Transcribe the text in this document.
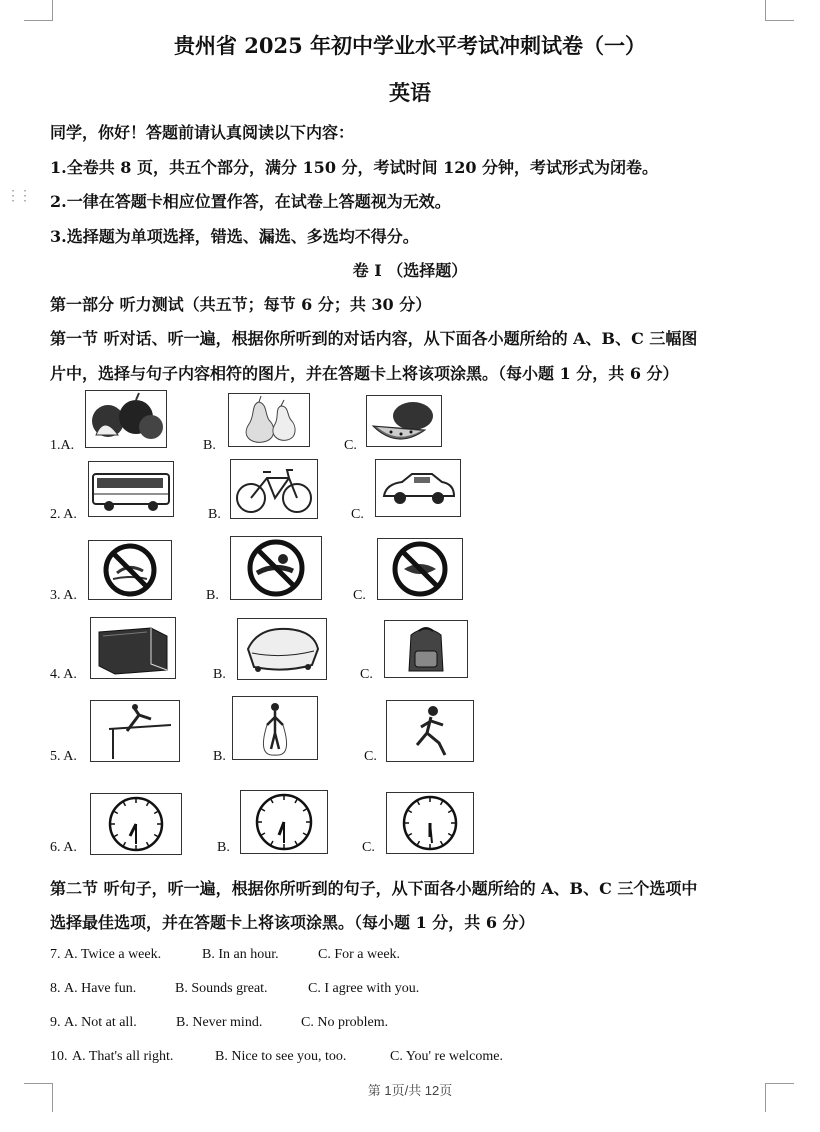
⋮⋮
贵州省 2025 年初中学业水平考试冲刺试卷（一）
英语
同学，你好！答题前请认真阅读以下内容：
1.全卷共 8 页，共五个部分，满分 150 分，考试时间 120 分钟，考试形式为闭卷。
2.一律在答题卡相应位置作答，在试卷上答题视为无效。
3.选择题为单项选择，错选、漏选、多选均不得分。
卷 I （选择题）
第一部分 听力测试（共五节；每节 6 分；共 30 分）
第一节 听对话、听一遍，根据你所听到的对话内容，从下面各小题所给的 A、B、C 三幅图
片中，选择与句子内容相符的图片，并在答题卡上将该项涂黑。（每小题 1 分，共 6 分）
1.A.	B.	C.
2. A.	B.	C.
3. A.	B.	C.
4. A.	B.	C.
5. A.	B.	C.
6. A.	B.	C.
第二节 听句子，听一遍，根据你所听到的句子，从下面各小题所给的 A、B、C 三个选项中
选择最佳选项，并在答题卡上将该项涂黑。（每小题 1 分，共 6 分）
7. A. Twice a week.	B. In an hour.	C. For a week.
8. A. Have fun.	B. Sounds great.	C. I agree with you.
9. A. Not at all.	B. Never mind.	C. No problem.
10. A. That's all right.	B. Nice to see you, too.	C. You' re welcome.
第 1页/共 12页
